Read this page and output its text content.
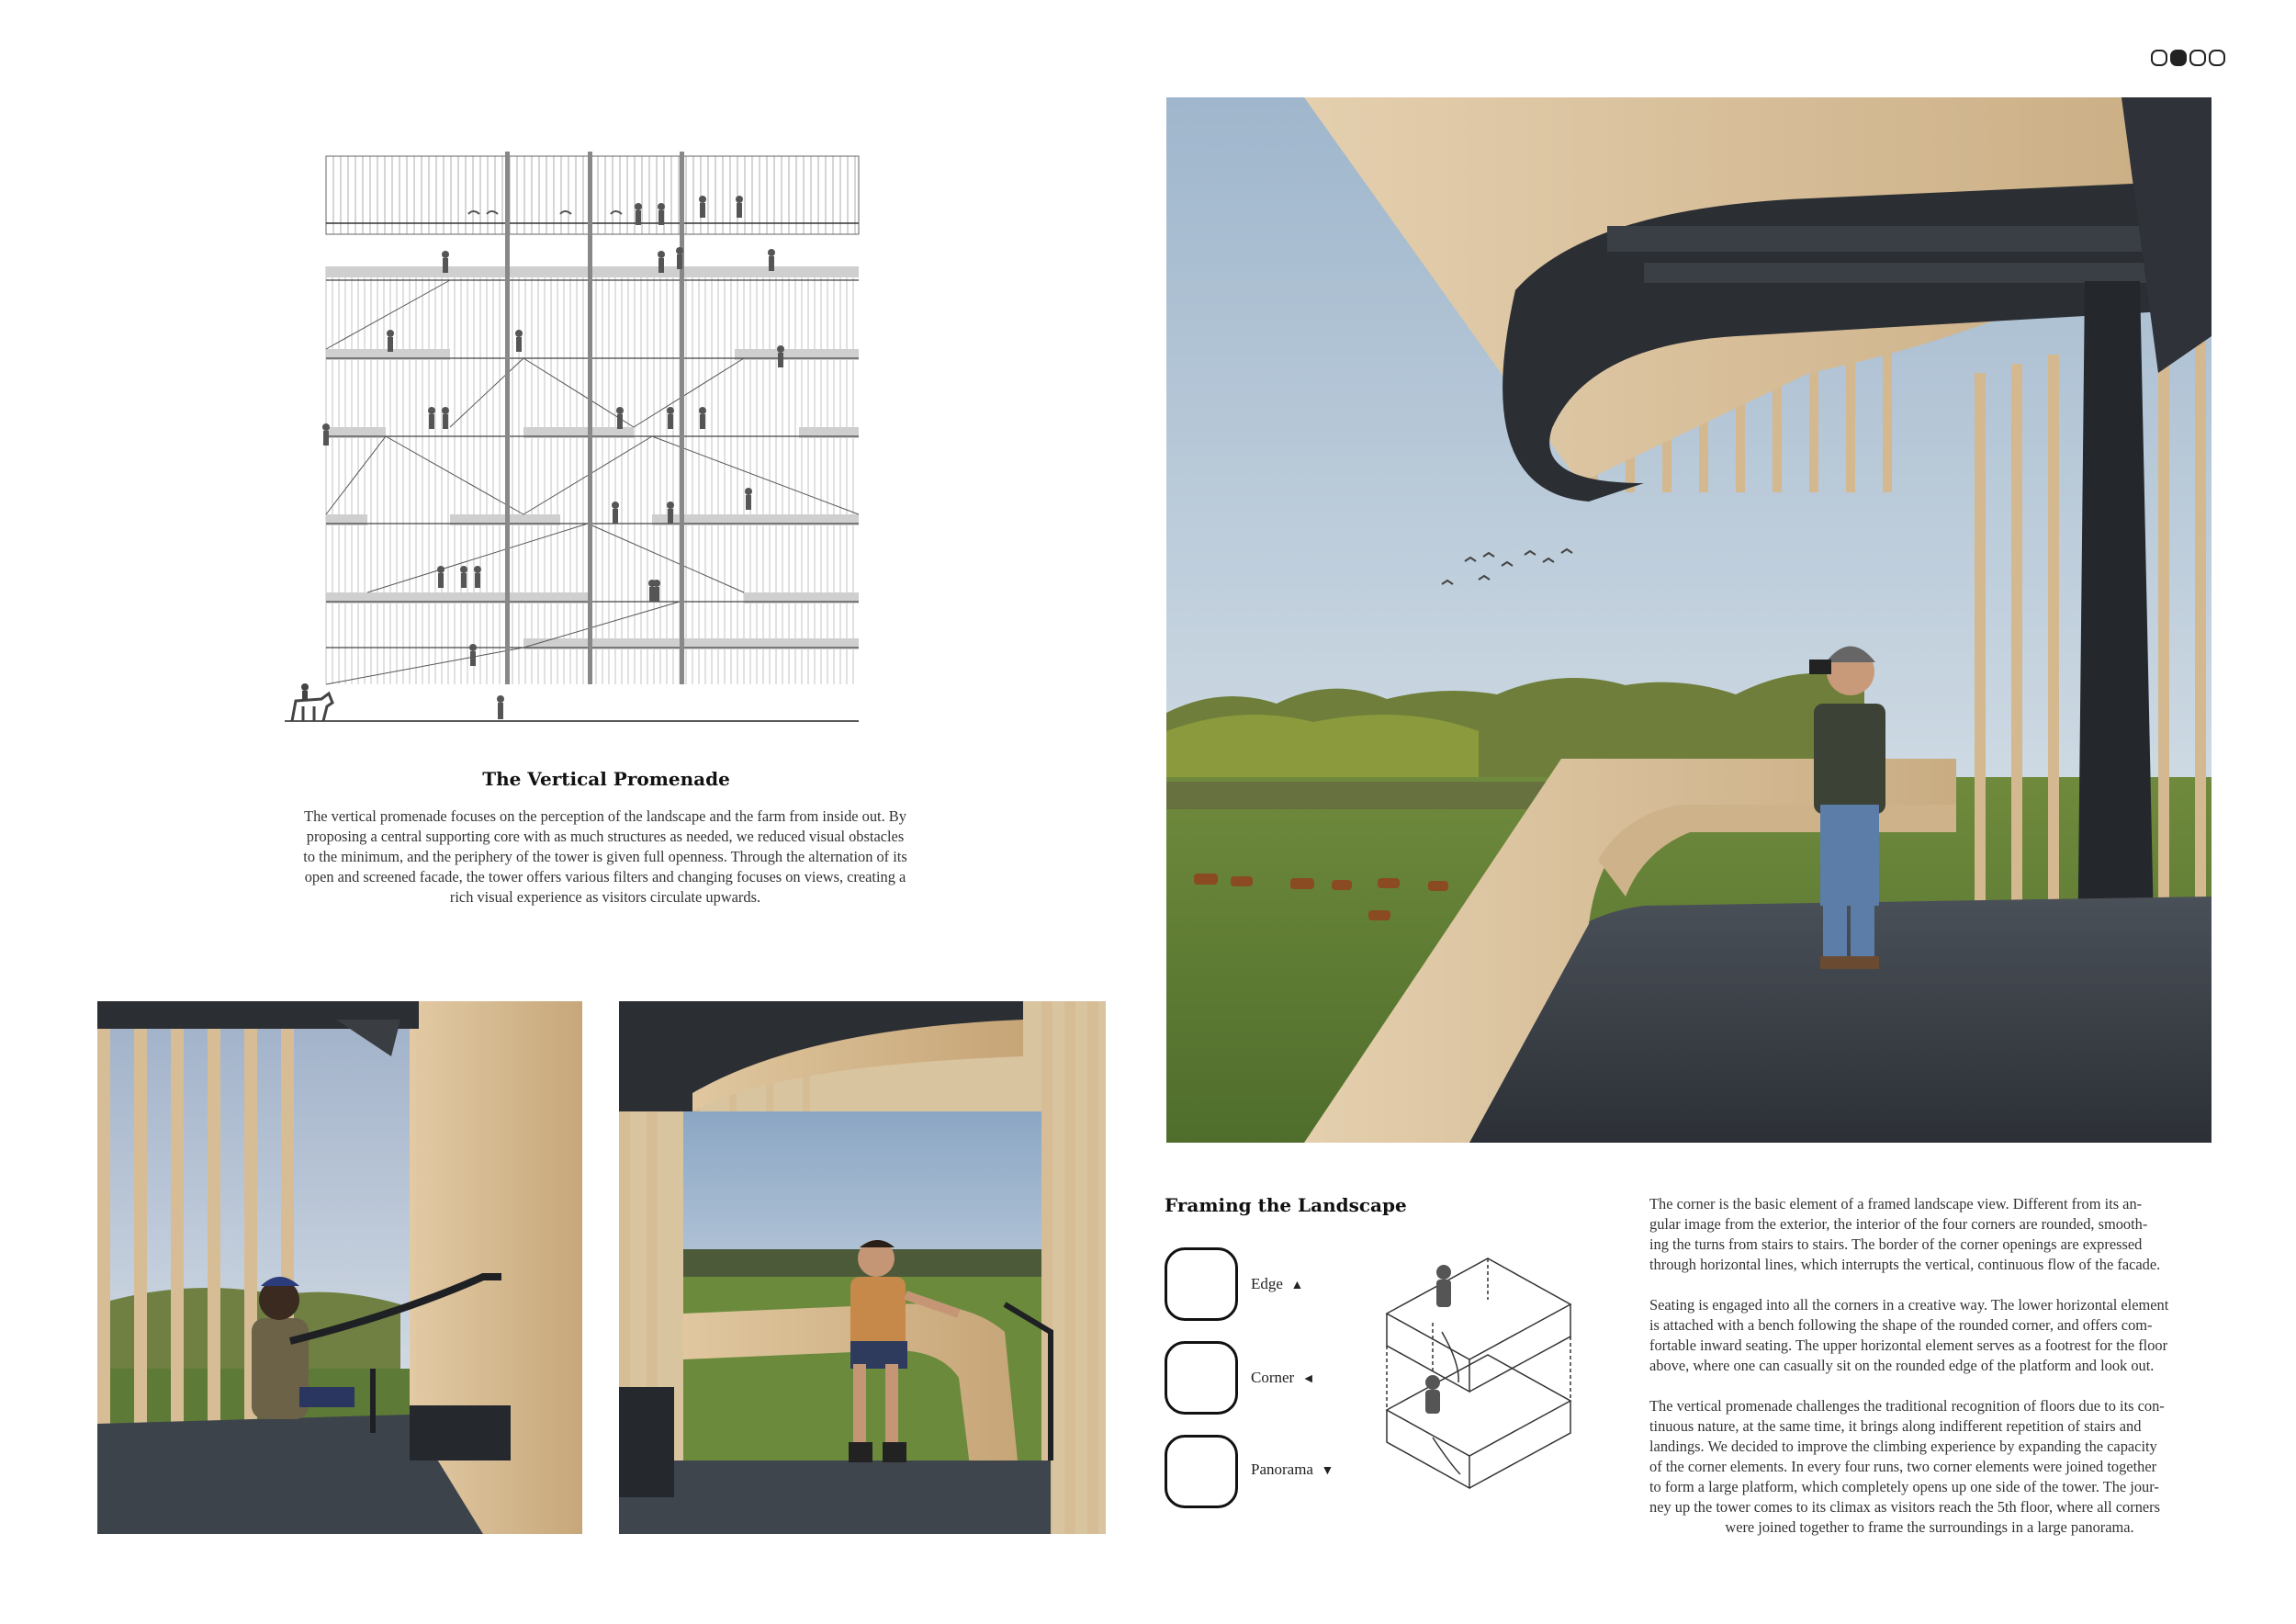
The Vertical Promenade
The vertical promenade focuses on the perception of the landscape and the farm from inside out. By
proposing a central supporting core with as much structures as needed, we reduced visual obstacles
to the minimum, and the periphery of the tower is given full openness. Through the alternation of its
open and screened facade, the tower offers various filters and changing focuses on views, creating a
rich visual experience as visitors circulate upwards.
Framing the Landscape
Edge ▲
Corner ◄
Panorama ▼
The corner is the basic element of a framed landscape view. Different from its an-
gular image from the exterior, the interior of the four corners are rounded, smooth-
ing the turns from stairs to stairs. The border of the corner openings are expressed
through horizontal lines, which interrupts the vertical, continuous flow of the facade.
Seating is engaged into all the corners in a creative way. The lower horizontal element
is attached with a bench following the shape of the rounded corner, and offers com-
fortable inward seating. The upper horizontal element serves as a footrest for the floor
above, where one can casually sit on the rounded edge of the platform and look out.
The vertical promenade challenges the traditional recognition of floors due to its con-
tinuous nature, at the same time, it brings along indifferent repetition of stairs and
landings. We decided to improve the climbing experience by expanding the capacity
of the corner elements. In every four runs, two corner elements were joined together
to form a large platform, which completely opens up one side of the tower. The jour-
ney up the tower comes to its climax as visitors reach the 5th floor, where all corners
were joined together to frame the surroundings in a large panorama.
